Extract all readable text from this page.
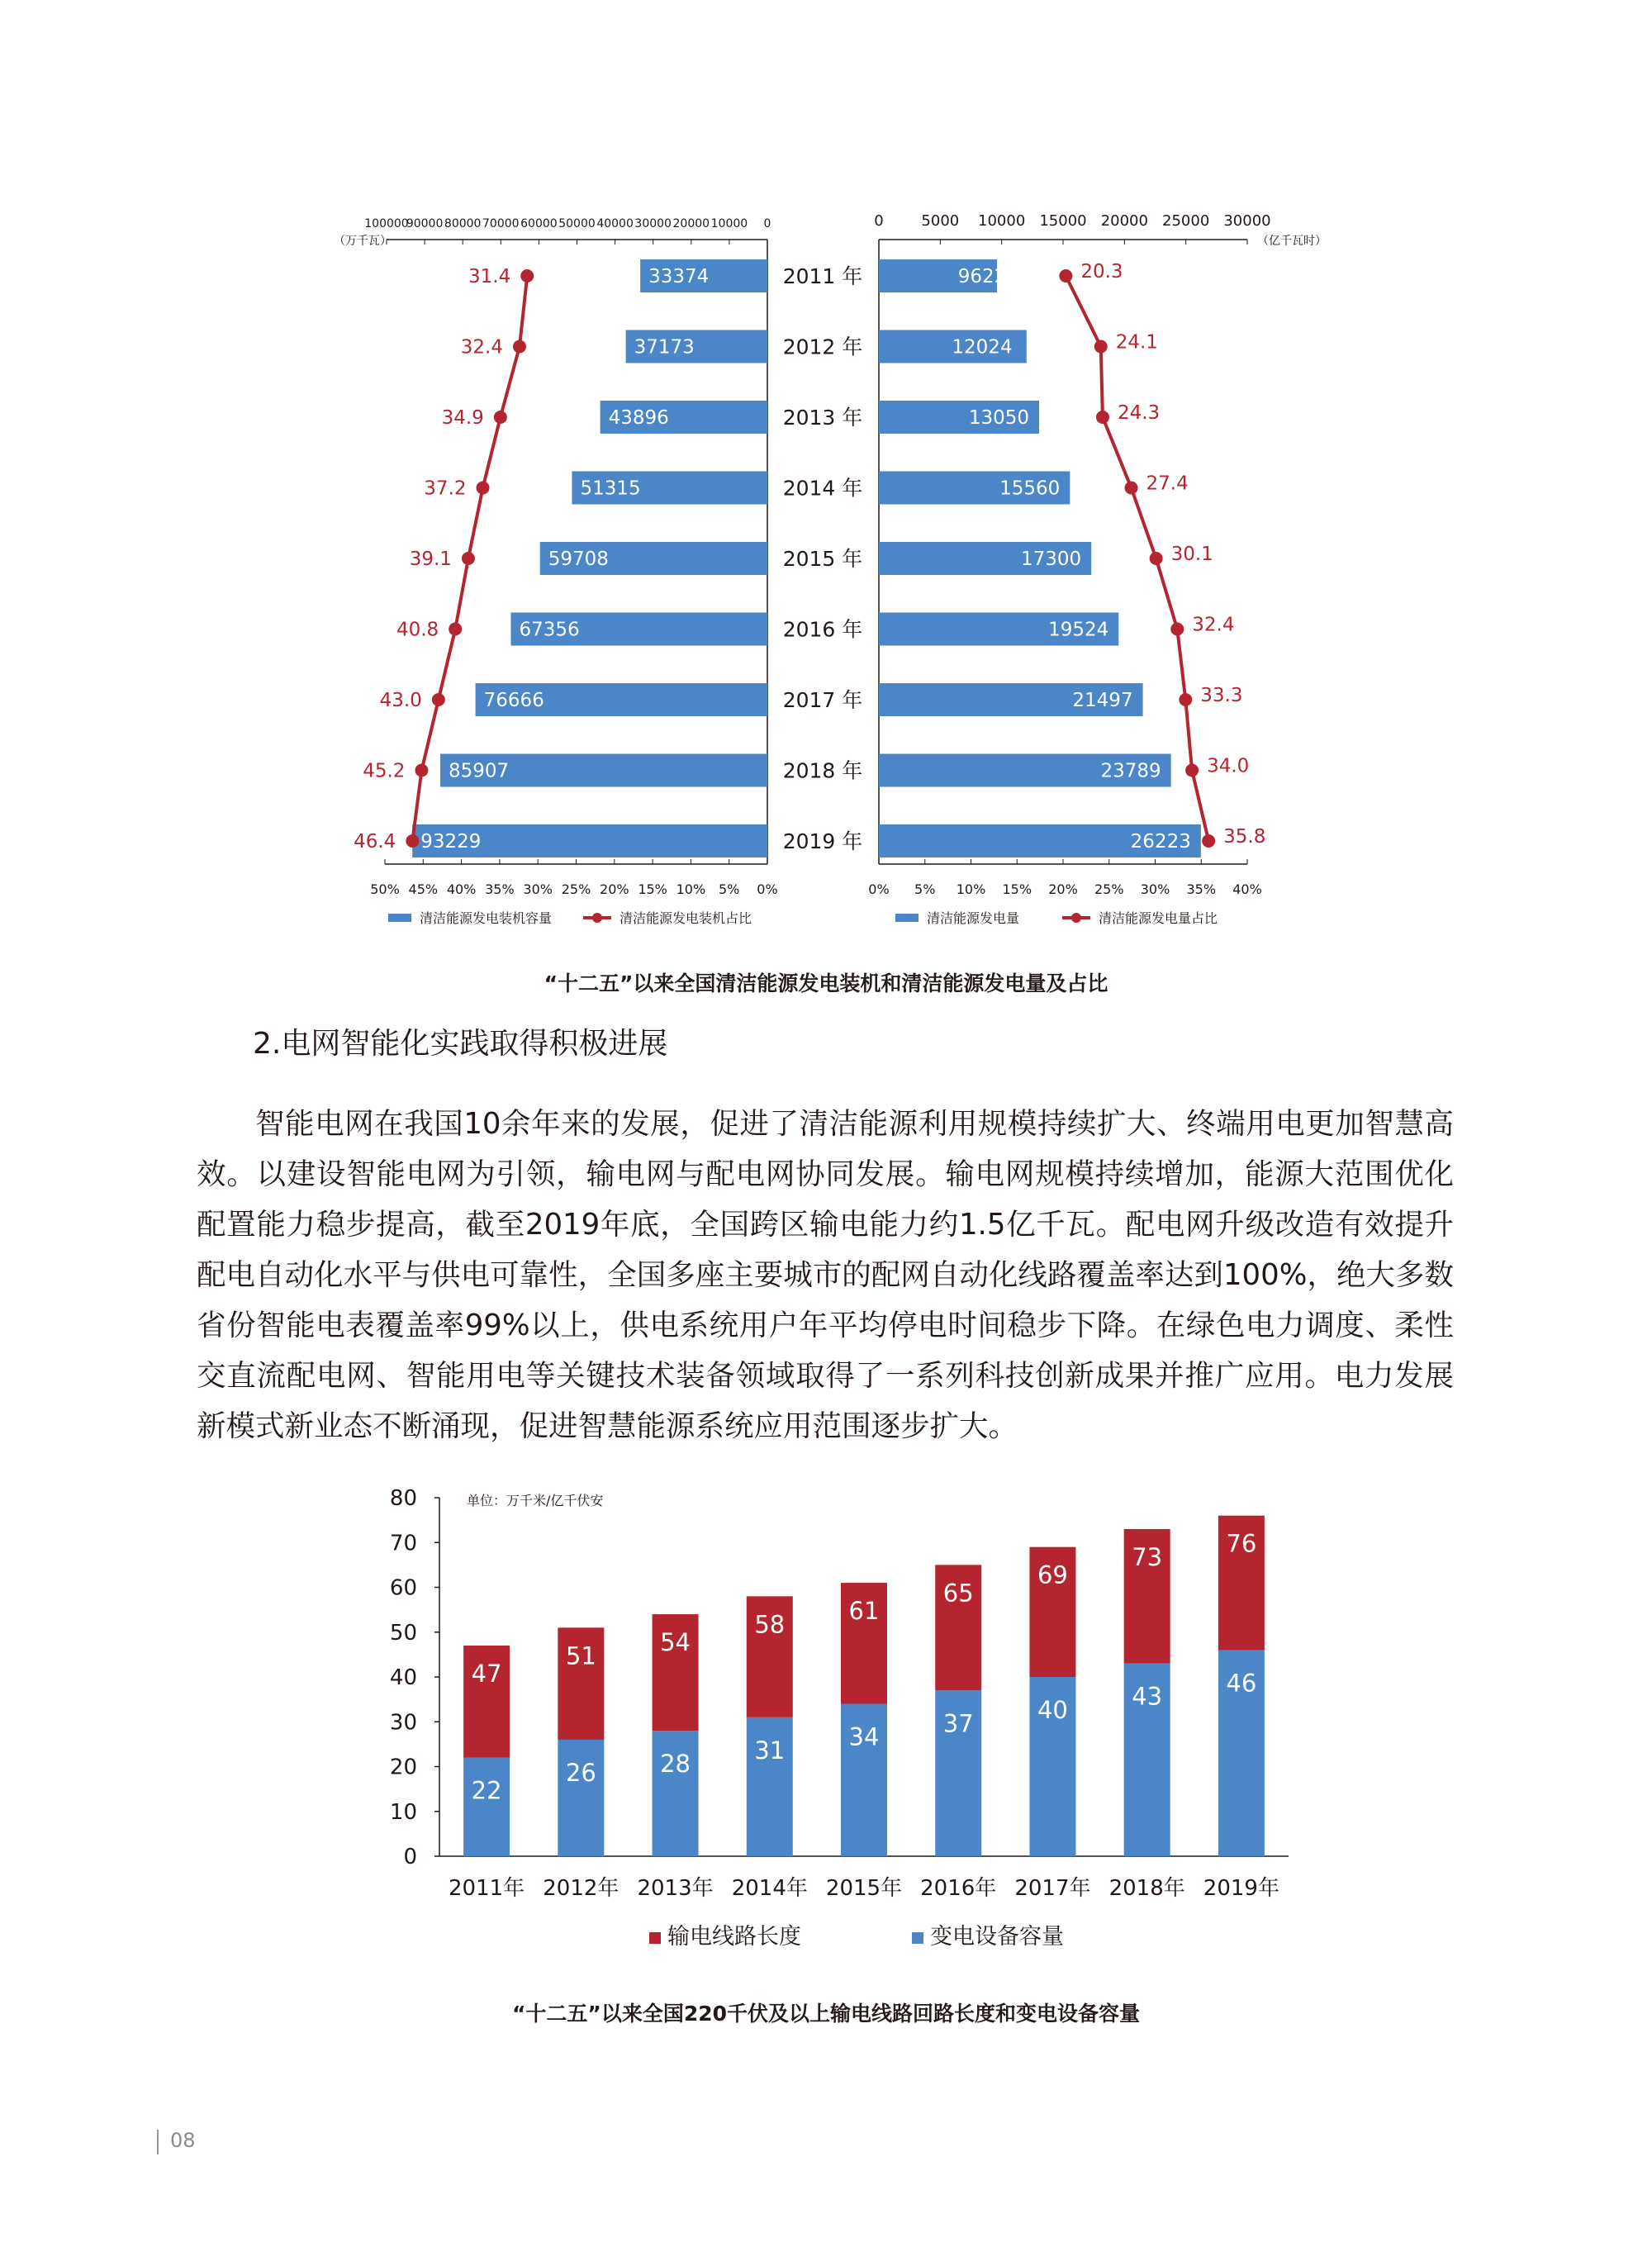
100000
90000 80000 70000 60000 50000 40000 30000 20000 10000 0
50% 45% 40% 35% 30% 25% 20% 15% 10% 5% 0%
（万千瓦）
33374	2011 年
37173	2012 年
43896	2013 年
51315	2014 年
59708	2015 年
67356	2016 年
76666	2017 年
85907	2018 年
93229	2019 年
31.4
32.4
34.9
37.2
39.1
40.8
43.0
45.2
46.4
清洁能源发电装机容量	清洁能源发电装机占比
0	5000 10000 15000 20000 25000 30000
0% 5% 10% 15% 20% 25% 30% 35% 40%
（亿千瓦时）
9622
12024
13050
15560
17300
19524
21497
23789
26223
20.3
24.1
24.3
27.4
30.1
32.4
33.3
34.0
35.8
清洁能源发电量	清洁能源发电量占比
“十二五”以来全国清洁能源发电装机和清洁能源发电量及占比
2.电网智能化实践取得积极进展

智能电网在我国10余年来的发展，促进了清洁能源利用规模持续扩大、终端用电更加智慧高效。以建设智能电网为引领，输电网与配电网协同发展。输电网规模持续增加，能源大范围优化配置能力稳步提高，截至2019年底，全国跨区输电能力约1.5亿千瓦。配电网升级改造有效提升配电自动化水平与供电可靠性，全国多座主要城市的配网自动化线路覆盖率达到100%，绝大多数省份智能电表覆盖率99%以上，供电系统用户年平均停电时间稳步下降。在绿色电力调度、柔性交直流配电网、智能用电等关键技术装备领域取得了一系列科技创新成果并推广应用。电力发展新模式新业态不断涌现，促进智慧能源系统应用范围逐步扩大。

80
70
60
50
40
30
20
10
0
单位：万千米/亿千伏安
22
47
2011年
26
51
2012年
28
54
2013年
31
58
2014年
34
61
2015年
37
65
2016年
40
69
2017年
43
73
2018年
46
76
2019年
输电线路长度	变电设备容量
“十二五”以来全国220千伏及以上输电线路回路长度和变电设备容量
08
